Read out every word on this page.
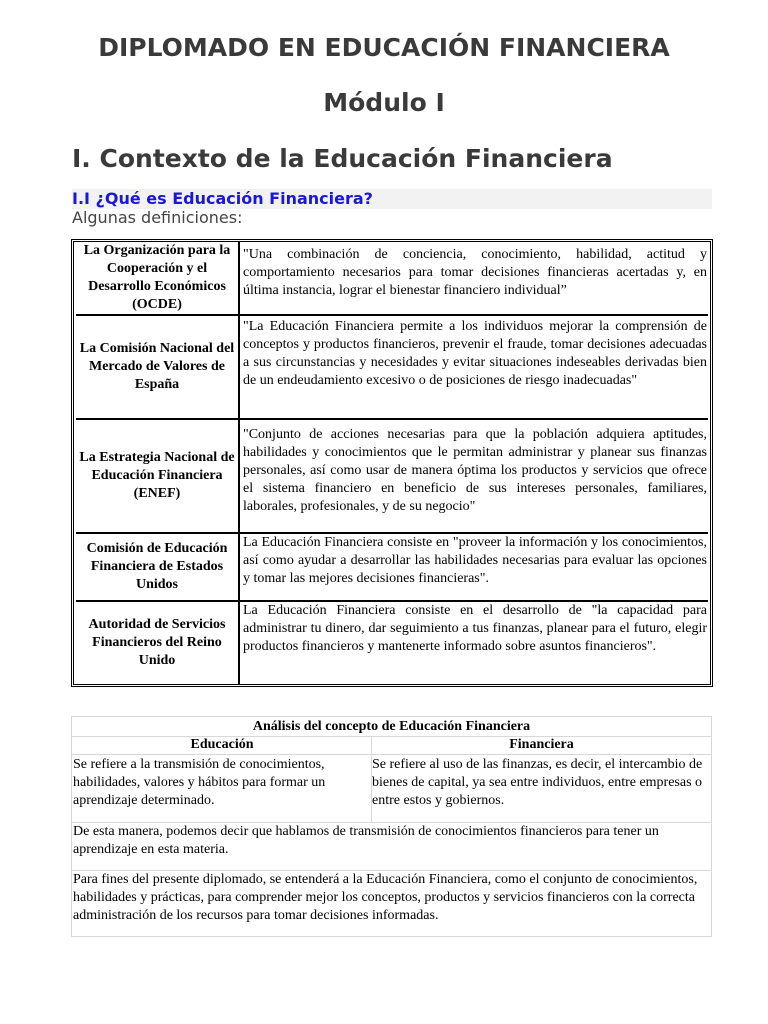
DIPLOMADO EN EDUCACIÓN FINANCIERA
Módulo I
I. Contexto de la Educación Financiera
I.I ¿Qué es Educación Financiera?

Algunas definiciones:

La Organización para la Cooperación y el Desarrollo Económicos (OCDE)
"Una combinación de conciencia, conocimiento, habilidad, actitud y comportamiento necesarios para tomar decisiones financieras acertadas y, en última instancia, lograr el bienestar financiero individual”
La Comisión Nacional del Mercado de Valores de España
"La Educación Financiera permite a los individuos mejorar la comprensión de conceptos y productos financieros, prevenir el fraude, tomar decisiones adecuadas a sus circunstancias y necesidades y evitar situaciones indeseables derivadas bien de un endeudamiento excesivo o de posiciones de riesgo inadecuadas"
La Estrategia Nacional de Educación Financiera (ENEF)
"Conjunto de acciones necesarias para que la población adquiera aptitudes, habilidades y conocimientos que le permitan administrar y planear sus finanzas personales, así como usar de manera óptima los productos y servicios que ofrece el sistema financiero en beneficio de sus intereses personales, familiares, laborales, profesionales, y de su negocio"
Comisión de Educación Financiera de Estados Unidos
La Educación Financiera consiste en "proveer la información y los conocimientos, así como ayudar a desarrollar las habilidades necesarias para evaluar las opciones y tomar las mejores decisiones financieras".
Autoridad de Servicios Financieros del Reino Unido
La Educación Financiera consiste en el desarrollo de "la capacidad para administrar tu dinero, dar seguimiento a tus finanzas, planear para el futuro, elegir productos financieros y mantenerte informado sobre asuntos financieros".
Análisis del concepto de Educación Financiera
Educación	Financiera
Se refiere a la transmisión de conocimientos, habilidades, valores y hábitos para formar un aprendizaje determinado.
Se refiere al uso de las finanzas, es decir, el intercambio de bienes de capital, ya sea entre individuos, entre empresas o entre estos y gobiernos.
De esta manera, podemos decir que hablamos de transmisión de conocimientos financieros para tener un aprendizaje en esta materia.
Para fines del presente diplomado, se entenderá a la Educación Financiera, como el conjunto de conocimientos, habilidades y prácticas, para comprender mejor los conceptos, productos y servicios financieros con la correcta administración de los recursos para tomar decisiones informadas.
